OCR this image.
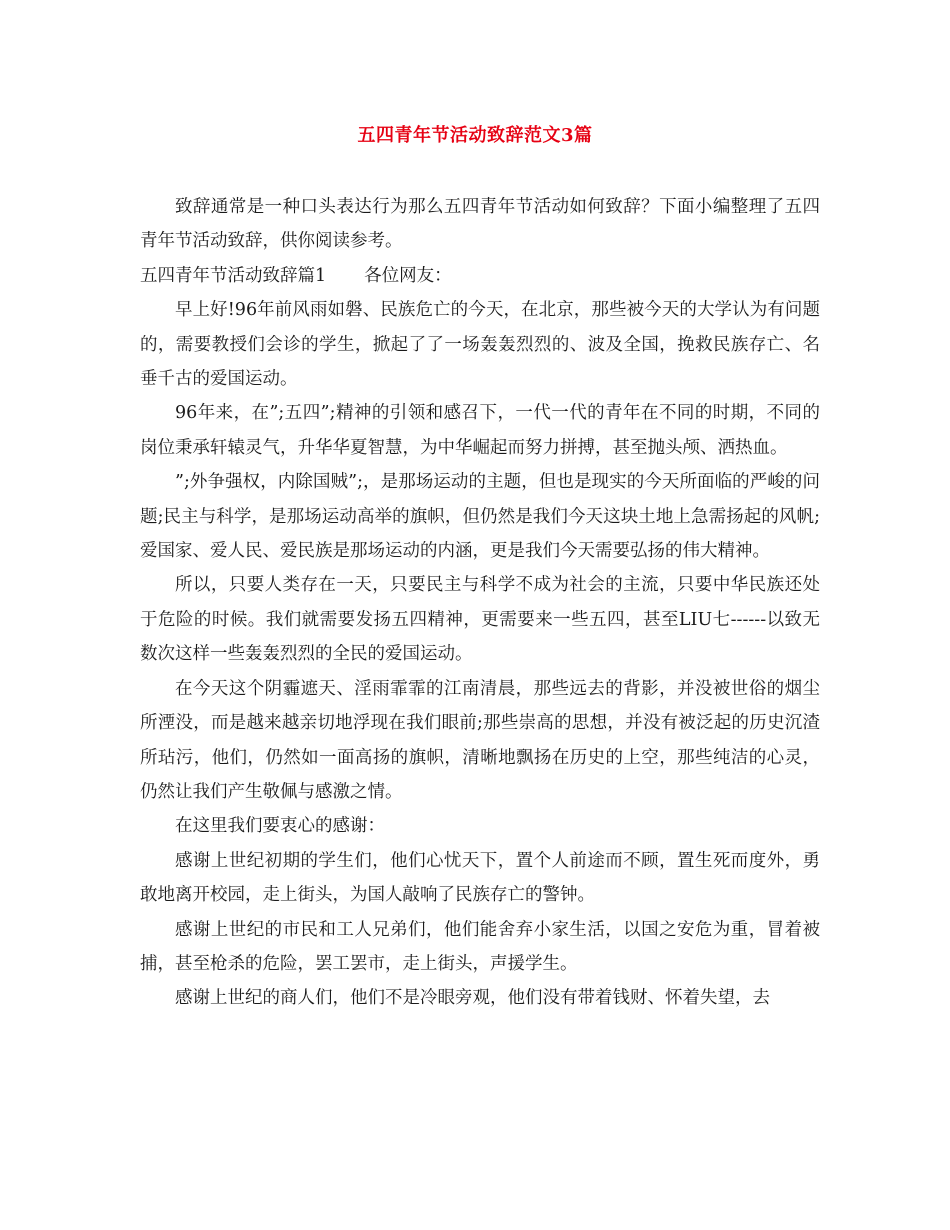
五四青年节活动致辞范文3篇

致辞通常是一种口头表达行为那么五四青年节活动如何致辞？下面小编整理了五四青年节活动致辞，供你阅读参考。

五四青年节活动致辞篇1 各位网友：

早上好!96年前风雨如磐、民族危亡的今天，在北京，那些被今天的大学认为有问题的，需要教授们会诊的学生，掀起了了一场轰轰烈烈的、波及全国，挽救民族存亡、名垂千古的爱国运动。

96年来，在”;五四”;精神的引领和感召下，一代一代的青年在不同的时期，不同的岗位秉承轩辕灵气，升华华夏智慧，为中华崛起而努力拼搏，甚至抛头颅、洒热血。

”;外争强权，内除国贼”;，是那场运动的主题，但也是现实的今天所面临的严峻的问题;民主与科学，是那场运动高举的旗帜，但仍然是我们今天这块土地上急需扬起的风帆;爱国家、爱人民、爱民族是那场运动的内涵，更是我们今天需要弘扬的伟大精神。

所以，只要人类存在一天，只要民主与科学不成为社会的主流，只要中华民族还处于危险的时候。我们就需要发扬五四精神，更需要来一些五四，甚至LIU七------以致无数次这样一些轰轰烈烈的全民的爱国运动。

在今天这个阴霾遮天、淫雨霏霏的江南清晨，那些远去的背影，并没被世俗的烟尘所湮没，而是越来越亲切地浮现在我们眼前;那些崇高的思想，并没有被泛起的历史沉渣所玷污，他们，仍然如一面高扬的旗帜，清晰地飘扬在历史的上空，那些纯洁的心灵，仍然让我们产生敬佩与感激之情。

在这里我们要衷心的感谢：

感谢上世纪初期的学生们，他们心忧天下，置个人前途而不顾，置生死而度外，勇敢地离开校园，走上街头，为国人敲响了民族存亡的警钟。

感谢上世纪的市民和工人兄弟们，他们能舍弃小家生活，以国之安危为重，冒着被捕，甚至枪杀的危险，罢工罢市，走上街头，声援学生。

感谢上世纪的商人们，他们不是冷眼旁观，他们没有带着钱财、怀着失望，去
